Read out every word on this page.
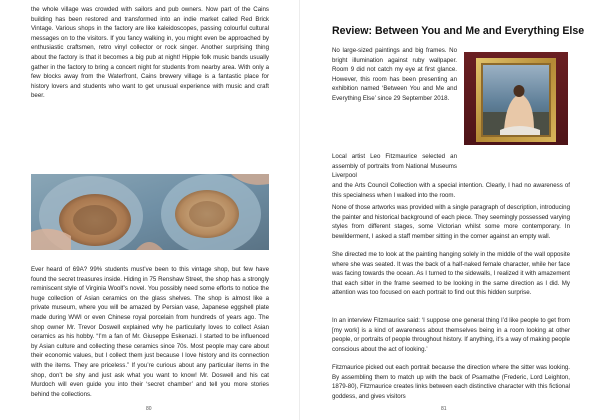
the whole village was crowded with sailors and pub owners. Now part of the Cains building has been restored and transformed into an indie market called Red Brick Vintage. Various shops in the factory are like kaleidoscopes, passing colourful cultural messages on to the visitors. If you fancy walking in, you might even be approached by enthusiastic craftsmen, retro vinyl collector or rock singer. Another surprising thing about the factory is that it becomes a big pub at night! Hippie folk music bands usually gather in the factory to bring a concert night for students from nearby area. With only a few blocks away from the Waterfront, Cains brewery village is a fantastic place for history lovers and students who want to get unusual experience with music and craft beer.

Ever heard of 69A? 99% students must’ve been to this vintage shop, but few have found the secret treasures inside. Hiding in 75 Renshaw Street, the shop has a strongly reminiscent style of Virginia Woolf’s novel. You possibly need some efforts to notice the huge collection of Asian ceramics on the glass shelves. The shop is almost like a private museum, where you will be amazed by Persian vase, Japanese eggshell plate made during WWI or even Chinese royal porcelain from hundreds of years ago. The shop owner Mr. Trevor Doswell explained why he particularly loves to collect Asian ceramics as his hobby. “I’m a fan of Mr. Giuseppe Eskenazi. I started to be influenced by Asian culture and collecting these ceramics since 70s. Most people may care about their economic values, but I collect them just because I love history and its connection with the items. They are priceless.” If you’re curious about any particular items in the shop, don’t be shy and just ask what you want to know! Mr. Doswell and his cat Murdoch will even guide you into their ‘secret chamber’ and tell you more stories behind the collections.

80
Review: Between You and Me and Everything Else

No large-sized paintings and big frames. No bright illumination against ruby wallpaper. Room 9 did not catch my eye at first glance. However, this room has been presenting an exhibition named ‘Between You and Me and Everything Else’ since 29 September 2018.

Local artist Leo Fitzmaurice selected an assembly of portraits from National Museums Liverpool

and the Arts Council Collection with a special intention. Clearly, I had no awareness of this specialness when I walked into the room.

None of those artworks was provided with a single paragraph of description, introducing the painter and historical background of each piece. They seemingly possessed varying styles from different stages, some Victorian whilst some more contemporary. In bewilderment, I asked a staff member sitting in the corner against an empty wall.

She directed me to look at the painting hanging solely in the middle of the wall opposite where she was seated. It was the back of a half-naked female character, while her face was facing towards the ocean. As I turned to the sidewalls, I realized it with amazement that each sitter in the frame seemed to be looking in the same direction as I did. My attention was too focused on each portrait to find out this hidden surprise.

In an interview Fitzmaurice said: ‘I suppose one general thing I’d like people to get from [my work] is a kind of awareness about themselves being in a room looking at other people, or portraits of people throughout history. If anything, it’s a way of making people conscious about the act of looking.’

Fitzmaurice picked out each portrait because the direction where the sitter was looking. By assembling them to match up with the back of Psamathe (Frederic, Lord Leighton, 1879-80), Fitzmaurice creates links between each distinctive character with this fictional goddess, and gives visitors

81
